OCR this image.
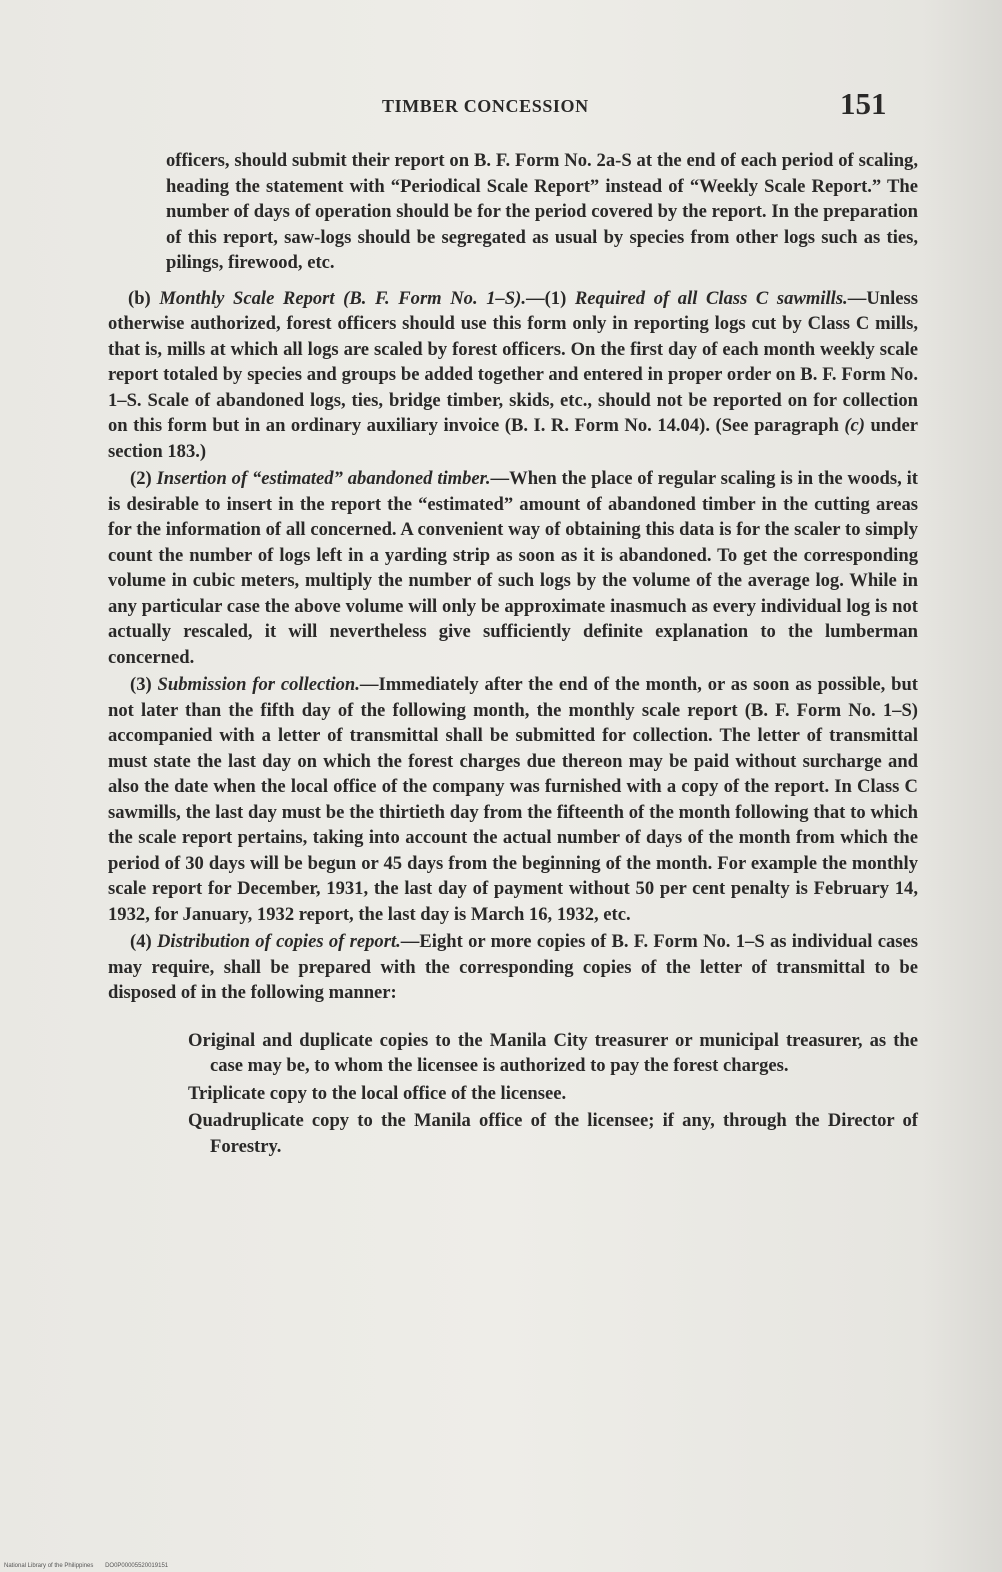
TIMBER CONCESSION	151

officers, should submit their report on B. F. Form No. 2a-S at the end of each period of scaling, heading the statement with “Periodical Scale Report” instead of “Weekly Scale Report.” The number of days of operation should be for the period covered by the report. In the preparation of this report, saw-logs should be segregated as usual by species from other logs such as ties, pilings, firewood, etc.

(b) Monthly Scale Report (B. F. Form No. 1–S).—(1) Required of all Class C sawmills.—Unless otherwise authorized, forest officers should use this form only in reporting logs cut by Class C mills, that is, mills at which all logs are scaled by forest officers. On the first day of each month weekly scale report totaled by species and groups be added together and entered in proper order on B. F. Form No. 1–S. Scale of abandoned logs, ties, bridge timber, skids, etc., should not be reported on for collection on this form but in an ordinary auxiliary invoice (B. I. R. Form No. 14.04). (See paragraph (c) under section 183.)

(2) Insertion of “estimated” abandoned timber.—When the place of regular scaling is in the woods, it is desirable to insert in the report the “estimated” amount of abandoned timber in the cutting areas for the information of all concerned. A convenient way of obtaining this data is for the scaler to simply count the number of logs left in a yarding strip as soon as it is abandoned. To get the corresponding volume in cubic meters, multiply the number of such logs by the volume of the average log. While in any particular case the above volume will only be approximate inasmuch as every individual log is not actually rescaled, it will nevertheless give sufficiently definite explanation to the lumberman concerned.

(3) Submission for collection.—Immediately after the end of the month, or as soon as possible, but not later than the fifth day of the following month, the monthly scale report (B. F. Form No. 1–S) accompanied with a letter of transmittal shall be submitted for collection. The letter of transmittal must state the last day on which the forest charges due thereon may be paid without surcharge and also the date when the local office of the company was furnished with a copy of the report. In Class C sawmills, the last day must be the thirtieth day from the fifteenth of the month following that to which the scale report pertains, taking into account the actual number of days of the month from which the period of 30 days will be begun or 45 days from the beginning of the month. For example the monthly scale report for December, 1931, the last day of payment without 50 per cent penalty is February 14, 1932, for January, 1932 report, the last day is March 16, 1932, etc.

(4) Distribution of copies of report.—Eight or more copies of B. F. Form No. 1–S as individual cases may require, shall be prepared with the corresponding copies of the letter of transmittal to be disposed of in the following manner:

Original and duplicate copies to the Manila City treasurer or municipal treasurer, as the case may be, to whom the licensee is authorized to pay the forest charges.
Triplicate copy to the local office of the licensee.
Quadruplicate copy to the Manila office of the licensee; if any, through the Director of Forestry.
National Library of the Philippines DO0P00005520019151
